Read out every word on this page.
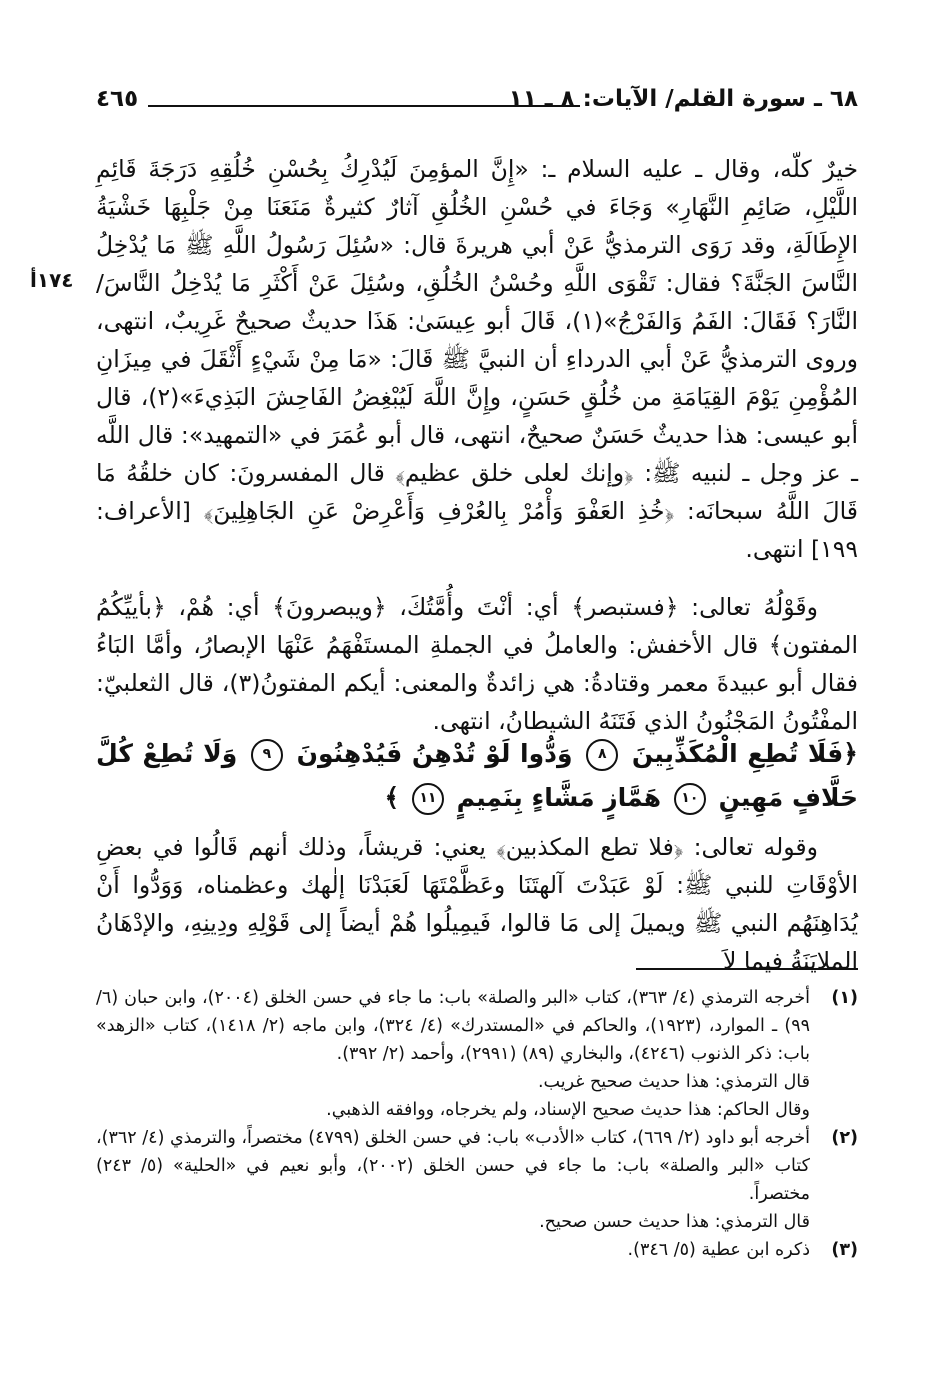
٦٨ ـ سورة القلم/ الآيات: ٨ ـ ١١
٤٦٥
١٧٤أ

خيرٌ كلّه، وقال ـ عليه السلام ـ: «إِنَّ المؤمِنَ لَيُدْرِكُ بِحُسْنِ خُلُقِهِ دَرَجَةَ قَائِمِ اللَّيْلِ، صَائِمِ النَّهَارِ» وَجَاءَ في حُسْنِ الخُلُقِ آثارٌ كثيرةٌ مَنَعَنَا مِنْ جَلْبِهَا خَشْيَةُ الإِطَالَةِ، وقد رَوَى الترمذيُّ عَنْ أبي هريرةَ قال: «سُئِلَ رَسُولُ اللَّهِ ﷺ مَا يُدْخِلُ النَّاسَ الجَنَّةَ؟ فقال: تَقْوَى اللَّهِ وحُسْنُ الخُلُقِ، وسُئِلَ عَنْ أَكْثَرِ مَا يُدْخِلُ النَّاسَ/ النَّارَ؟ فَقَالَ: الفَمُ وَالفَرْجُ»(١)، قَالَ أبو عِيسَىٰ: هَذَا حديثٌ صحيحٌ غَرِيبٌ، انتهى، وروى الترمذيُّ عَنْ أبي الدرداءِ أن النبيَّ ﷺ قَالَ: «مَا مِنْ شَيْءٍ أَثْقَلَ في مِيزَانِ المُؤْمِنِ يَوْمَ القِيَامَةِ من خُلُقٍ حَسَنٍ، وإِنَّ اللَّهَ لَيُبْغِضُ الفَاحِشَ البَذِيءَ»(٢)، قال أبو عيسى: هذا حديثٌ حَسَنٌ صحيحٌ، انتهى، قال أبو عُمَرَ في «التمهيد»: قال اللَّه ـ عز وجل ـ لنبيه ﷺ: ﴿وإنك لعلى خلق عظيم﴾ قال المفسرونَ: كان خلقُهُ مَا قَالَ اللَّهُ سبحانَه: ﴿خُذِ العَفْوَ وَأْمُرْ بِالعُرْفِ وَأَعْرِضْ عَنِ الجَاهِلِينَ﴾ [الأعراف: ١٩٩] انتهى.

وقَوْلُهُ تعالى: ﴿فستبصر﴾ أي: أنْتَ وأُمَّتُكَ، ﴿ويبصرونَ﴾ أي: هُمْ، ﴿بأييِّكُمُ المفتون﴾ قال الأخفش: والعاملُ في الجملةِ المستَفْهَمُ عَنْهَا الإبصارُ، وأمَّا البَاءُ فقال أبو عبيدةَ معمر وقتادةُ: هي زائدةٌ والمعنى: أيكم المفتونُ(٣)، قال الثعلبيّ: المفْتُونُ المَجْنُونُ الذي فَتَنَهُ الشيطانُ، انتهى.

﴿فَلَا تُطِعِ الْمُكَذِّبِينَ ٨ وَدُّوا لَوْ تُدْهِنُ فَيُدْهِنُونَ ٩ وَلَا تُطِعْ كُلَّ حَلَّافٍ مَهِينٍ ١٠ هَمَّازٍ مَشَّاءٍ بِنَمِيمٍ ١١ ﴾

وقوله تعالى: ﴿فلا تطع المكذبين﴾ يعني: قريشاً، وذلك أنهم قَالُوا في بعضِ الأوْقَاتِ للنبي ﷺ: لَوْ عَبَدْتَ آلهتَنَا وعَظَّمْتَهَا لَعَبَدْنَا إلٰهك وعظمناه، وَوَدُّوا أَنْ يُدَاهِنَهُم النبي ﷺ ويميلَ إلى مَا قالوا، فَيمِيلُوا هُمْ أيضاً إلى قَوْلِهِ ودِينِهِ، والإدْهَانُ الملايَنَةُ فيما لاَ

(١)
أخرجه الترمذي (٤/ ٣٦٣)، كتاب «البر والصلة» باب: ما جاء في حسن الخلق (٢٠٠٤)، وابن حبان (٦/ ٩٩) ـ الموارد، (١٩٢٣)، والحاكم في «المستدرك» (٤/ ٣٢٤)، وابن ماجه (٢/ ١٤١٨)، كتاب «الزهد» باب: ذكر الذنوب (٤٢٤٦)، والبخاري (٨٩) (٢٩٩١)، وأحمد (٢/ ٣٩٢).
قال الترمذي: هذا حديث صحيح غريب.
وقال الحاكم: هذا حديث صحيح الإسناد، ولم يخرجاه، ووافقه الذهبي.
(٢)
أخرجه أبو داود (٢/ ٦٦٩)، كتاب «الأدب» باب: في حسن الخلق (٤٧٩٩) مختصراً، والترمذي (٤/ ٣٦٢)، كتاب «البر والصلة» باب: ما جاء في حسن الخلق (٢٠٠٢)، وأبو نعيم في «الحلية» (٥/ ٢٤٣) مختصراً.
قال الترمذي: هذا حديث حسن صحيح.
(٣)
ذكره ابن عطية (٥/ ٣٤٦).
